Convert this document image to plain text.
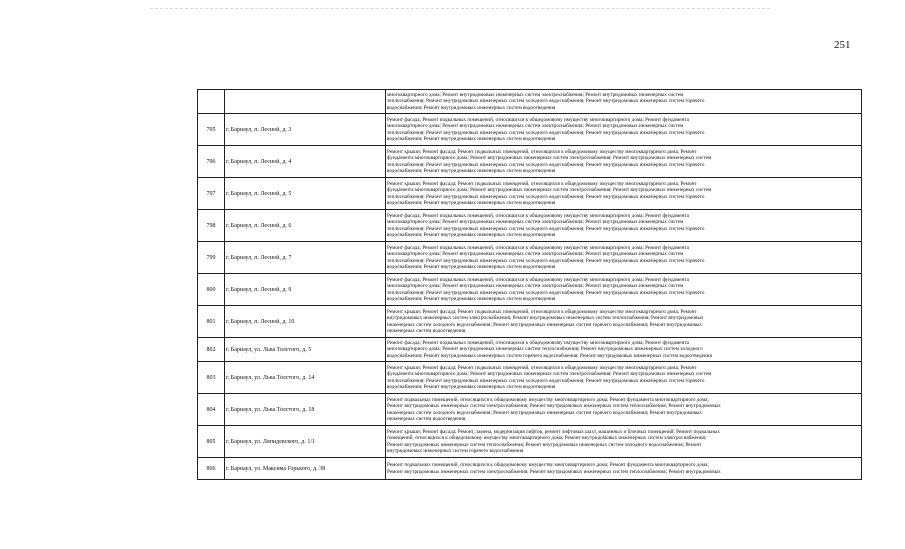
251
		многоквартирного дома; Ремонт внутридомовых инженерных систем электроснабжения; Ремонт внутридомовых инженерных систем
теплоснабжения; Ремонт внутридомовых инженерных систем холодного водоснабжения; Ремонт внутридомовых инженерных систем горячего
водоснабжения; Ремонт внутридомовых инженерных систем водоотведения
795	г. Барнаул, п. Лесной, д. 3	Ремонт фасада; Ремонт подвальных помещений, относящихся к общедомовому имуществу многоквартирного дома; Ремонт фундамента
многоквартирного дома; Ремонт внутридомовых инженерных систем электроснабжения; Ремонт внутридомовых инженерных систем
теплоснабжения; Ремонт внутридомовых инженерных систем холодного водоснабжения; Ремонт внутридомовых инженерных систем горячего
водоснабжения; Ремонт внутридомовых инженерных систем водоотведения
796	г. Барнаул, п. Лесной, д. 4	Ремонт крыши; Ремонт фасада; Ремонт подвальных помещений, относящихся к общедомовому имуществу многоквартирного дома; Ремонт
фундамента многоквартирного дома; Ремонт внутридомовых инженерных систем электроснабжения; Ремонт внутридомовых инженерных систем
теплоснабжения; Ремонт внутридомовых инженерных систем холодного водоснабжения; Ремонт внутридомовых инженерных систем горячего
водоснабжения; Ремонт внутридомовых инженерных систем водоотведения
797	г. Барнаул, п. Лесной, д. 5	Ремонт крыши; Ремонт фасада; Ремонт подвальных помещений, относящихся к общедомовому имуществу многоквартирного дома; Ремонт
фундамента многоквартирного дома; Ремонт внутридомовых инженерных систем электроснабжения; Ремонт внутридомовых инженерных систем
теплоснабжения; Ремонт внутридомовых инженерных систем холодного водоснабжения; Ремонт внутридомовых инженерных систем горячего
водоснабжения; Ремонт внутридомовых инженерных систем водоотведения
798	г. Барнаул, п. Лесной, д. 6	Ремонт фасада; Ремонт подвальных помещений, относящихся к общедомовому имуществу многоквартирного дома; Ремонт фундамента
многоквартирного дома; Ремонт внутридомовых инженерных систем электроснабжения; Ремонт внутридомовых инженерных систем
теплоснабжения; Ремонт внутридомовых инженерных систем холодного водоснабжения; Ремонт внутридомовых инженерных систем горячего
водоснабжения; Ремонт внутридомовых инженерных систем водоотведения
799	г. Барнаул, п. Лесной, д. 7	Ремонт фасада; Ремонт подвальных помещений, относящихся к общедомовому имуществу многоквартирного дома; Ремонт фундамента
многоквартирного дома; Ремонт внутридомовых инженерных систем электроснабжения; Ремонт внутридомовых инженерных систем
теплоснабжения; Ремонт внутридомовых инженерных систем холодного водоснабжения; Ремонт внутридомовых инженерных систем горячего
водоснабжения; Ремонт внутридомовых инженерных систем водоотведения
800	г. Барнаул, п. Лесной, д. 9	Ремонт фасада; Ремонт подвальных помещений, относящихся к общедомовому имуществу многоквартирного дома; Ремонт фундамента
многоквартирного дома; Ремонт внутридомовых инженерных систем электроснабжения; Ремонт внутридомовых инженерных систем
теплоснабжения; Ремонт внутридомовых инженерных систем холодного водоснабжения; Ремонт внутридомовых инженерных систем горячего
водоснабжения; Ремонт внутридомовых инженерных систем водоотведения
801	г. Барнаул, п. Лесной, д. 10	Ремонт крыши; Ремонт фасада; Ремонт подвальных помещений, относящихся к общедомовому имуществу многоквартирного дома; Ремонт
внутридомовых инженерных систем электроснабжения; Ремонт внутридомовых инженерных систем теплоснабжения; Ремонт внутридомовых
инженерных систем холодного водоснабжения; Ремонт внутридомовых инженерных систем горячего водоснабжения; Ремонт внутридомовых
инженерных систем водоотведения
802	г. Барнаул, ул. Льва Толстого, д. 5	Ремонт фасада; Ремонт подвальных помещений, относящихся к общедомовому имуществу многоквартирного дома; Ремонт фундамента
многоквартирного дома; Ремонт внутридомовых инженерных систем теплоснабжения; Ремонт внутридомовых инженерных систем холодного
водоснабжения; Ремонт внутридомовых инженерных систем горячего водоснабжения; Ремонт внутридомовых инженерных систем водоотведения
803	г. Барнаул, ул. Льва Толстого, д. 14	Ремонт крыши; Ремонт фасада; Ремонт подвальных помещений, относящихся к общедомовому имуществу многоквартирного дома; Ремонт
фундамента многоквартирного дома; Ремонт внутридомовых инженерных систем электроснабжения; Ремонт внутридомовых инженерных систем
теплоснабжения; Ремонт внутридомовых инженерных систем холодного водоснабжения; Ремонт внутридомовых инженерных систем горячего
водоснабжения; Ремонт внутридомовых инженерных систем водоотведения
804	г. Барнаул, ул. Льва Толстого, д. 18	Ремонт подвальных помещений, относящихся к общедомовому имуществу многоквартирного дома; Ремонт фундамента многоквартирного дома;
Ремонт внутридомовых инженерных систем электроснабжения; Ремонт внутридомовых инженерных систем теплоснабжения; Ремонт внутридомовых
инженерных систем холодного водоснабжения; Ремонт внутридомовых инженерных систем горячего водоснабжения; Ремонт внутридомовых
инженерных систем водоотведения
805	г. Барнаул, ул. Ляпидевского, д. 1/1	Ремонт крыши; Ремонт фасада; Ремонт, замена, модернизация лифтов, ремонт лифтовых шахт, машинных и блочных помещений; Ремонт подвальных
помещений, относящихся к общедомовому имуществу многоквартирного дома; Ремонт внутридомовых инженерных систем электроснабжения;
Ремонт внутридомовых инженерных систем теплоснабжения; Ремонт внутридомовых инженерных систем холодного водоснабжения; Ремонт
внутридомовых инженерных систем горячего водоснабжения
806	г. Барнаул, ул. Максима Горького, д. 38	Ремонт подвальных помещений, относящихся к общедомовому имуществу многоквартирного дома; Ремонт фундамента многоквартирного дома;
Ремонт внутридомовых инженерных систем электроснабжения; Ремонт внутридомовых инженерных систем теплоснабжения; Ремонт внутридомовых
